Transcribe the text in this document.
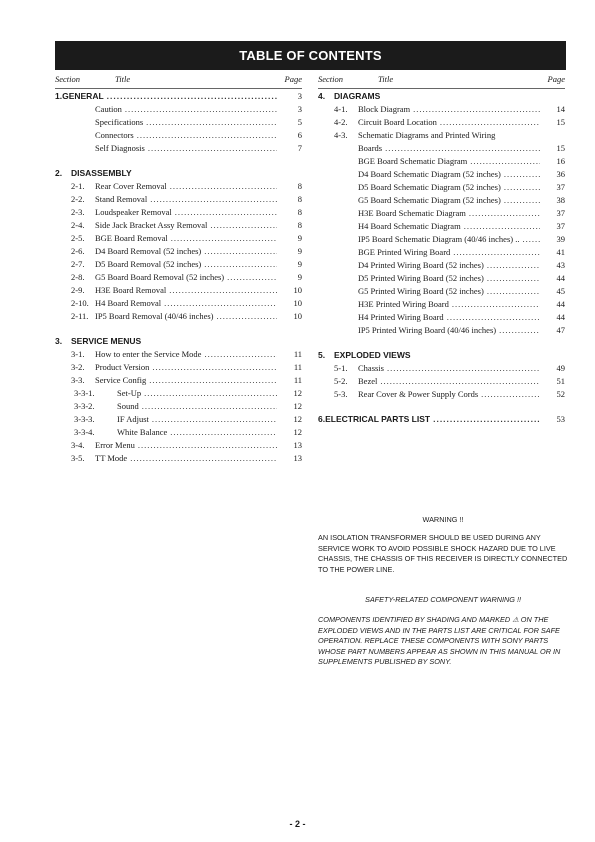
TABLE OF CONTENTS
Section	Title	Page
1. GENERAL .....	3
Caution .....	3
Specifications .....	5
Connectors .....	6
Self Diagnosis .....	7
2.	DISASSEMBLY
2-1.	Rear Cover Removal .....	8
2-2.	Stand Removal .....	8
2-3.	Loudspeaker Removal .....	8
2-4.	Side Jack Bracket Assy Removal .....	8
2-5.	BGE Board Removal .....	9
2-6.	D4 Board Removal (52 inches) .....	9
2-7.	D5 Board Removal (52 inches) .....	9
2-8.	G5 Board Board Removal (52 inches) .....	9
2-9.	H3E Board Removal .....	10
2-10. H4 Board Removal .....	10
2-11. IP5 Board Removal (40/46 inches) .....	10
3.	SERVICE MENUS
3-1.	How to enter the Service Mode .....	11
3-2.	Product Version .....	11
3-3.	Service Config .....	11
3-3-1.	Set-Up .....	12
3-3-2.	Sound .....	12
3-3-3.	IF Adjust .....	12
3-3-4.	White Balance .....	12
3-4.	Error Menu .....	13
3-5.	TT Mode .....	13
Section	Title	Page
4.	DIAGRAMS
4-1.	Block Diagram .....	14
4-2.	Circuit Board Location .....	15
4-3.	Schematic Diagrams and Printed Wiring
Boards .....	15
BGE Board Schematic Diagram .....	16
D4 Board Schematic Diagram (52 inches) .....	36
D5 Board Schematic Diagram (52 inches) .....	37
G5 Board Schematic Diagram (52 inches) .....	38
H3E Board Schematic Diagram .....	37
H4 Board Schematic Diagram .....	37
IP5 Board Schematic Diagram (40/46 inches) .. .....	39
BGE Printed Wiring Board .....	41
D4 Printed Wiring Board (52 inches) .....	43
D5 Printed Wiring Board (52 inches) .....	44
G5 Printed Wiring Board (52 inches) .....	45
H3E Printed Wiring Board .....	44
H4 Printed Wiring Board .....	44
IP5 Printed Wiring Board (40/46 inches) .....	47
5.	EXPLODED VIEWS
5-1.	Chassis .....	49
5-2.	Bezel .....	51
5-3.	Rear Cover & Power Supply Cords .....	52
6. ELECTRICAL PARTS LIST .....	53
WARNING !!
AN ISOLATION TRANSFORMER SHOULD BE USED DURING ANY SERVICE WORK TO AVOID POSSIBLE SHOCK HAZARD DUE TO LIVE CHASSIS, THE CHASSIS OF THIS RECEIVER IS DIRECTLY CONNECTED TO THE POWER LINE.
SAFETY-RELATED COMPONENT WARNING !!
COMPONENTS IDENTIFIED BY SHADING AND MARKED ⚠ ON THE EXPLODED VIEWS AND IN THE PARTS LIST ARE CRITICAL FOR SAFE OPERATION. REPLACE THESE COMPONENTS WITH SONY PARTS WHOSE PART NUMBERS APPEAR AS SHOWN IN THIS MANUAL OR IN SUPPLEMENTS PUBLISHED BY SONY.
- 2 -
